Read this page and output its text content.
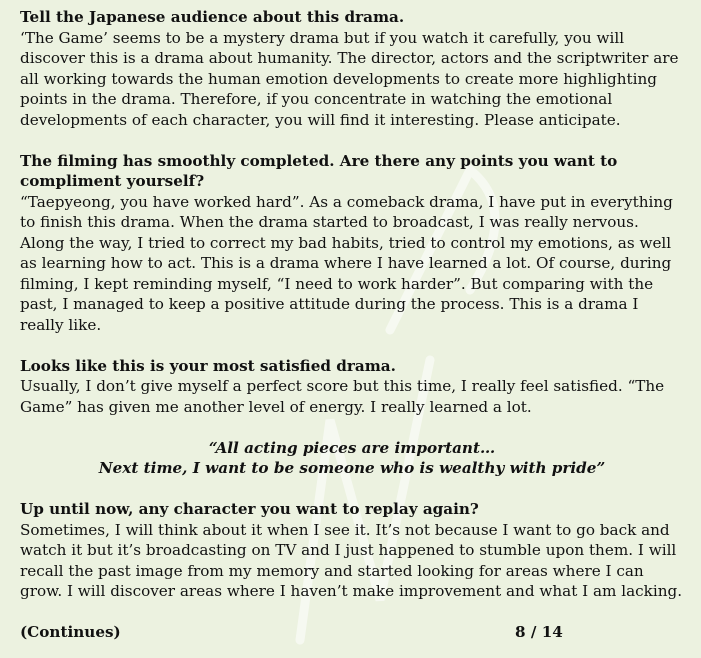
Tell the Japanese audience about this drama.

‘The Game’ seems to be a mystery drama but if you watch it carefully, you will discover this is a drama about humanity. The director, actors and the scriptwriter are all working towards the human emotion developments to create more highlighting points in the drama. Therefore, if you concentrate in watching the emotional developments of each character, you will find it interesting. Please anticipate.

The filming has smoothly completed. Are there any points you want to compliment yourself?

“Taepyeong, you have worked hard”. As a comeback drama, I have put in everything to finish this drama. When the drama started to broadcast, I was really nervous. Along the way, I tried to correct my bad habits, tried to control my emotions, as well as learning how to act. This is a drama where I have learned a lot. Of course, during filming, I kept reminding myself, “I need to work harder”. But comparing with the past, I managed to keep a positive attitude during the process. This is a drama I really like.

Looks like this is your most satisfied drama.

Usually, I don’t give myself a perfect score but this time, I really feel satisfied. “The Game” has given me another level of energy. I really learned a lot.

“All acting pieces are important…
Next time, I want to be someone who is wealthy with pride”

Up until now, any character you want to replay again?

Sometimes, I will think about it when I see it. It’s not because I want to go back and watch it but it’s broadcasting on TV and I just happened to stumble upon them. I will recall the past image from my memory and started looking for areas where I can grow. I will discover areas where I haven’t make improvement and what I am lacking.

(Continues)	8 / 14
